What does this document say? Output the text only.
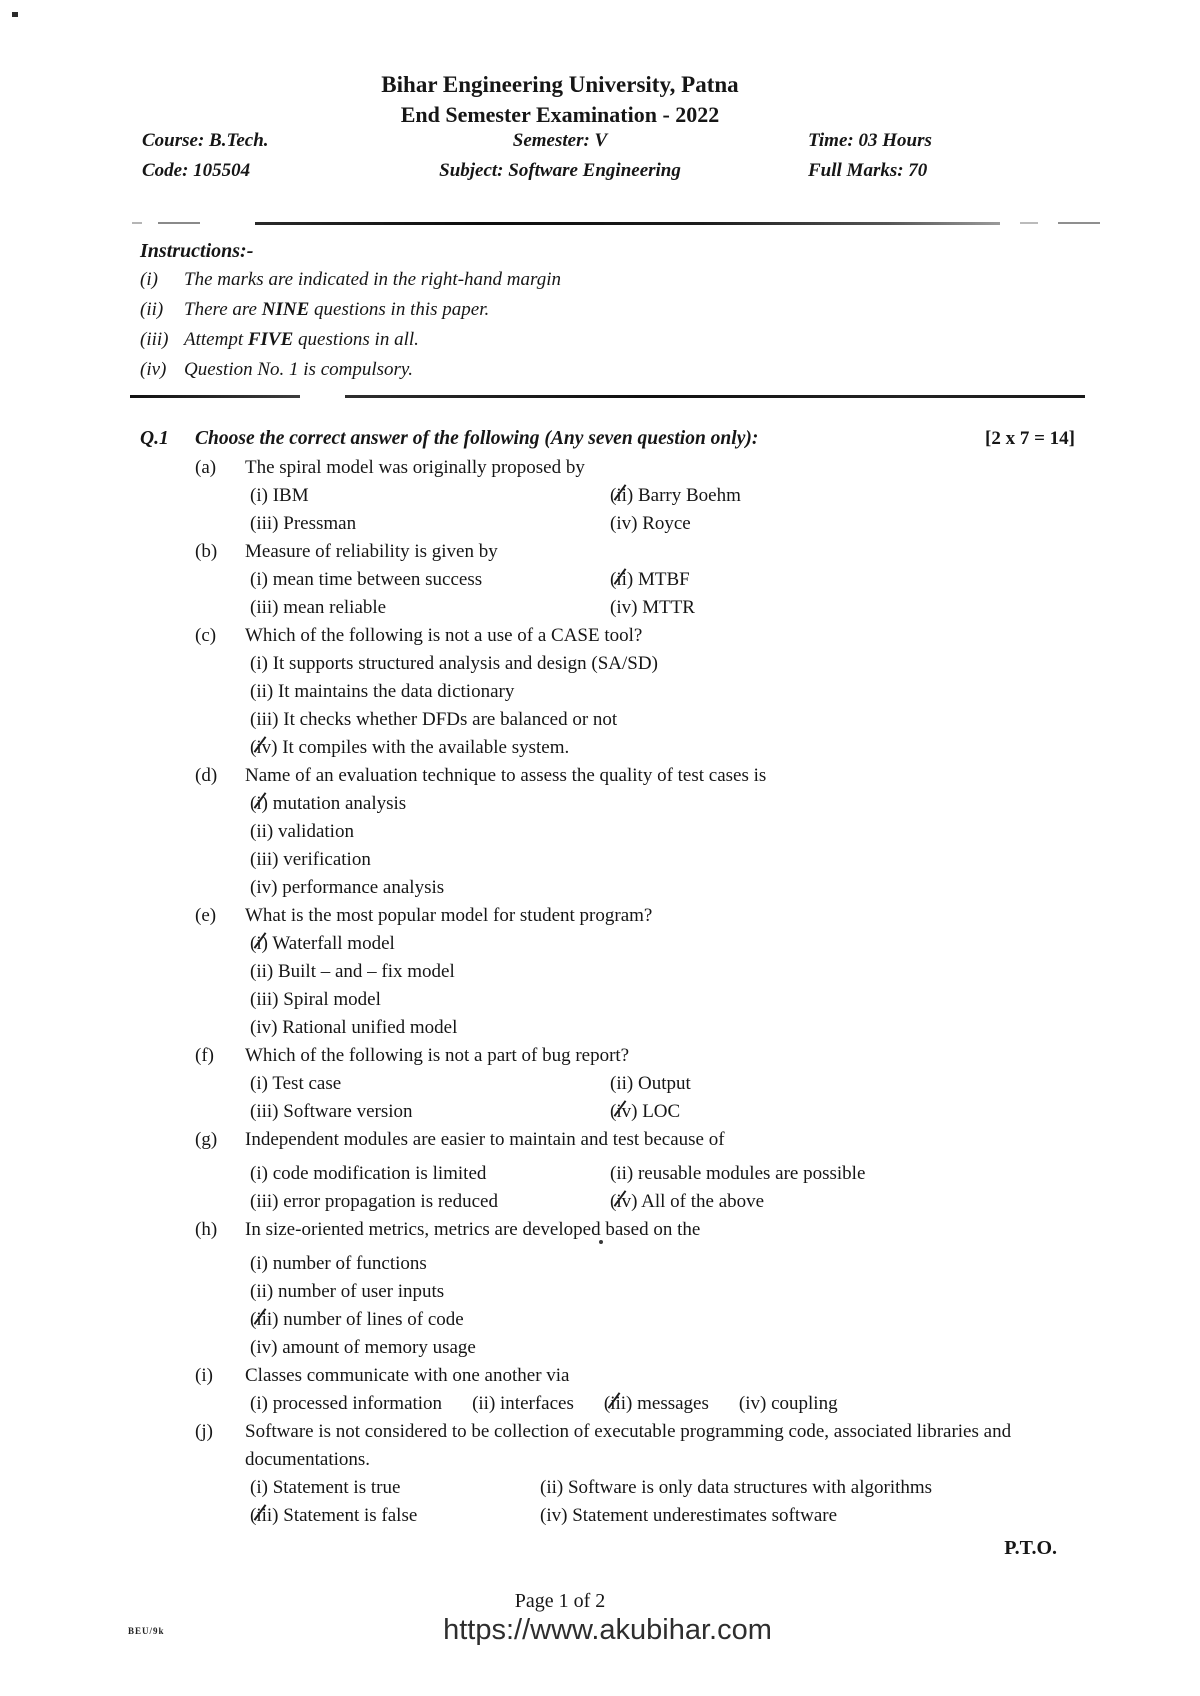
Bihar Engineering University, Patna
End Semester Examination - 2022
Course: B.Tech.	Semester: V	Time: 03 Hours
Code: 105504	Subject: Software Engineering	Full Marks: 70
Instructions:-
(i)	The marks are indicated in the right-hand margin
(ii)	There are NINE questions in this paper.
(iii) Attempt FIVE questions in all.
(iv) Question No. 1 is compulsory.
Q.1 Choose the correct answer of the following (Any seven question only):	[2 x 7 = 14]
(a) The spiral model was originally proposed by
(i) IBM	(ii) Barry Boehm
(iii) Pressman	(iv) Royce
(b) Measure of reliability is given by
(i) mean time between success	(ii) MTBF
(iii) mean reliable	(iv) MTTR
(c) Which of the following is not a use of a CASE tool?
(i) It supports structured analysis and design (SA/SD)
(ii) It maintains the data dictionary
(iii) It checks whether DFDs are balanced or not
(iv) It compiles with the available system.
(d) Name of an evaluation technique to assess the quality of test cases is
(i) mutation analysis
(ii) validation
(iii) verification
(iv) performance analysis
(e) What is the most popular model for student program?
(i) Waterfall model
(ii) Built – and – fix model
(iii) Spiral model
(iv) Rational unified model
(f) Which of the following is not a part of bug report?
(i) Test case	(ii) Output
(iii) Software version	(iv) LOC
(g) Independent modules are easier to maintain and test because of
(i) code modification is limited	(ii) reusable modules are possible
(iii) error propagation is reduced	(iv) All of the above
(h) In size-oriented metrics, metrics are developed based on the
(i) number of functions
(ii) number of user inputs
(iii) number of lines of code
(iv) amount of memory usage
(i) Classes communicate with one another via
(i) processed information (ii) interfaces (iii) messages (iv) coupling
(j) Software is not considered to be collection of executable programming code, associated libraries and documentations.
(i) Statement is true	(ii) Software is only data structures with algorithms
(iii) Statement is false	(iv) Statement underestimates software
P.T.O.
Page 1 of 2
BEU/9k	https://www.akubihar.com
